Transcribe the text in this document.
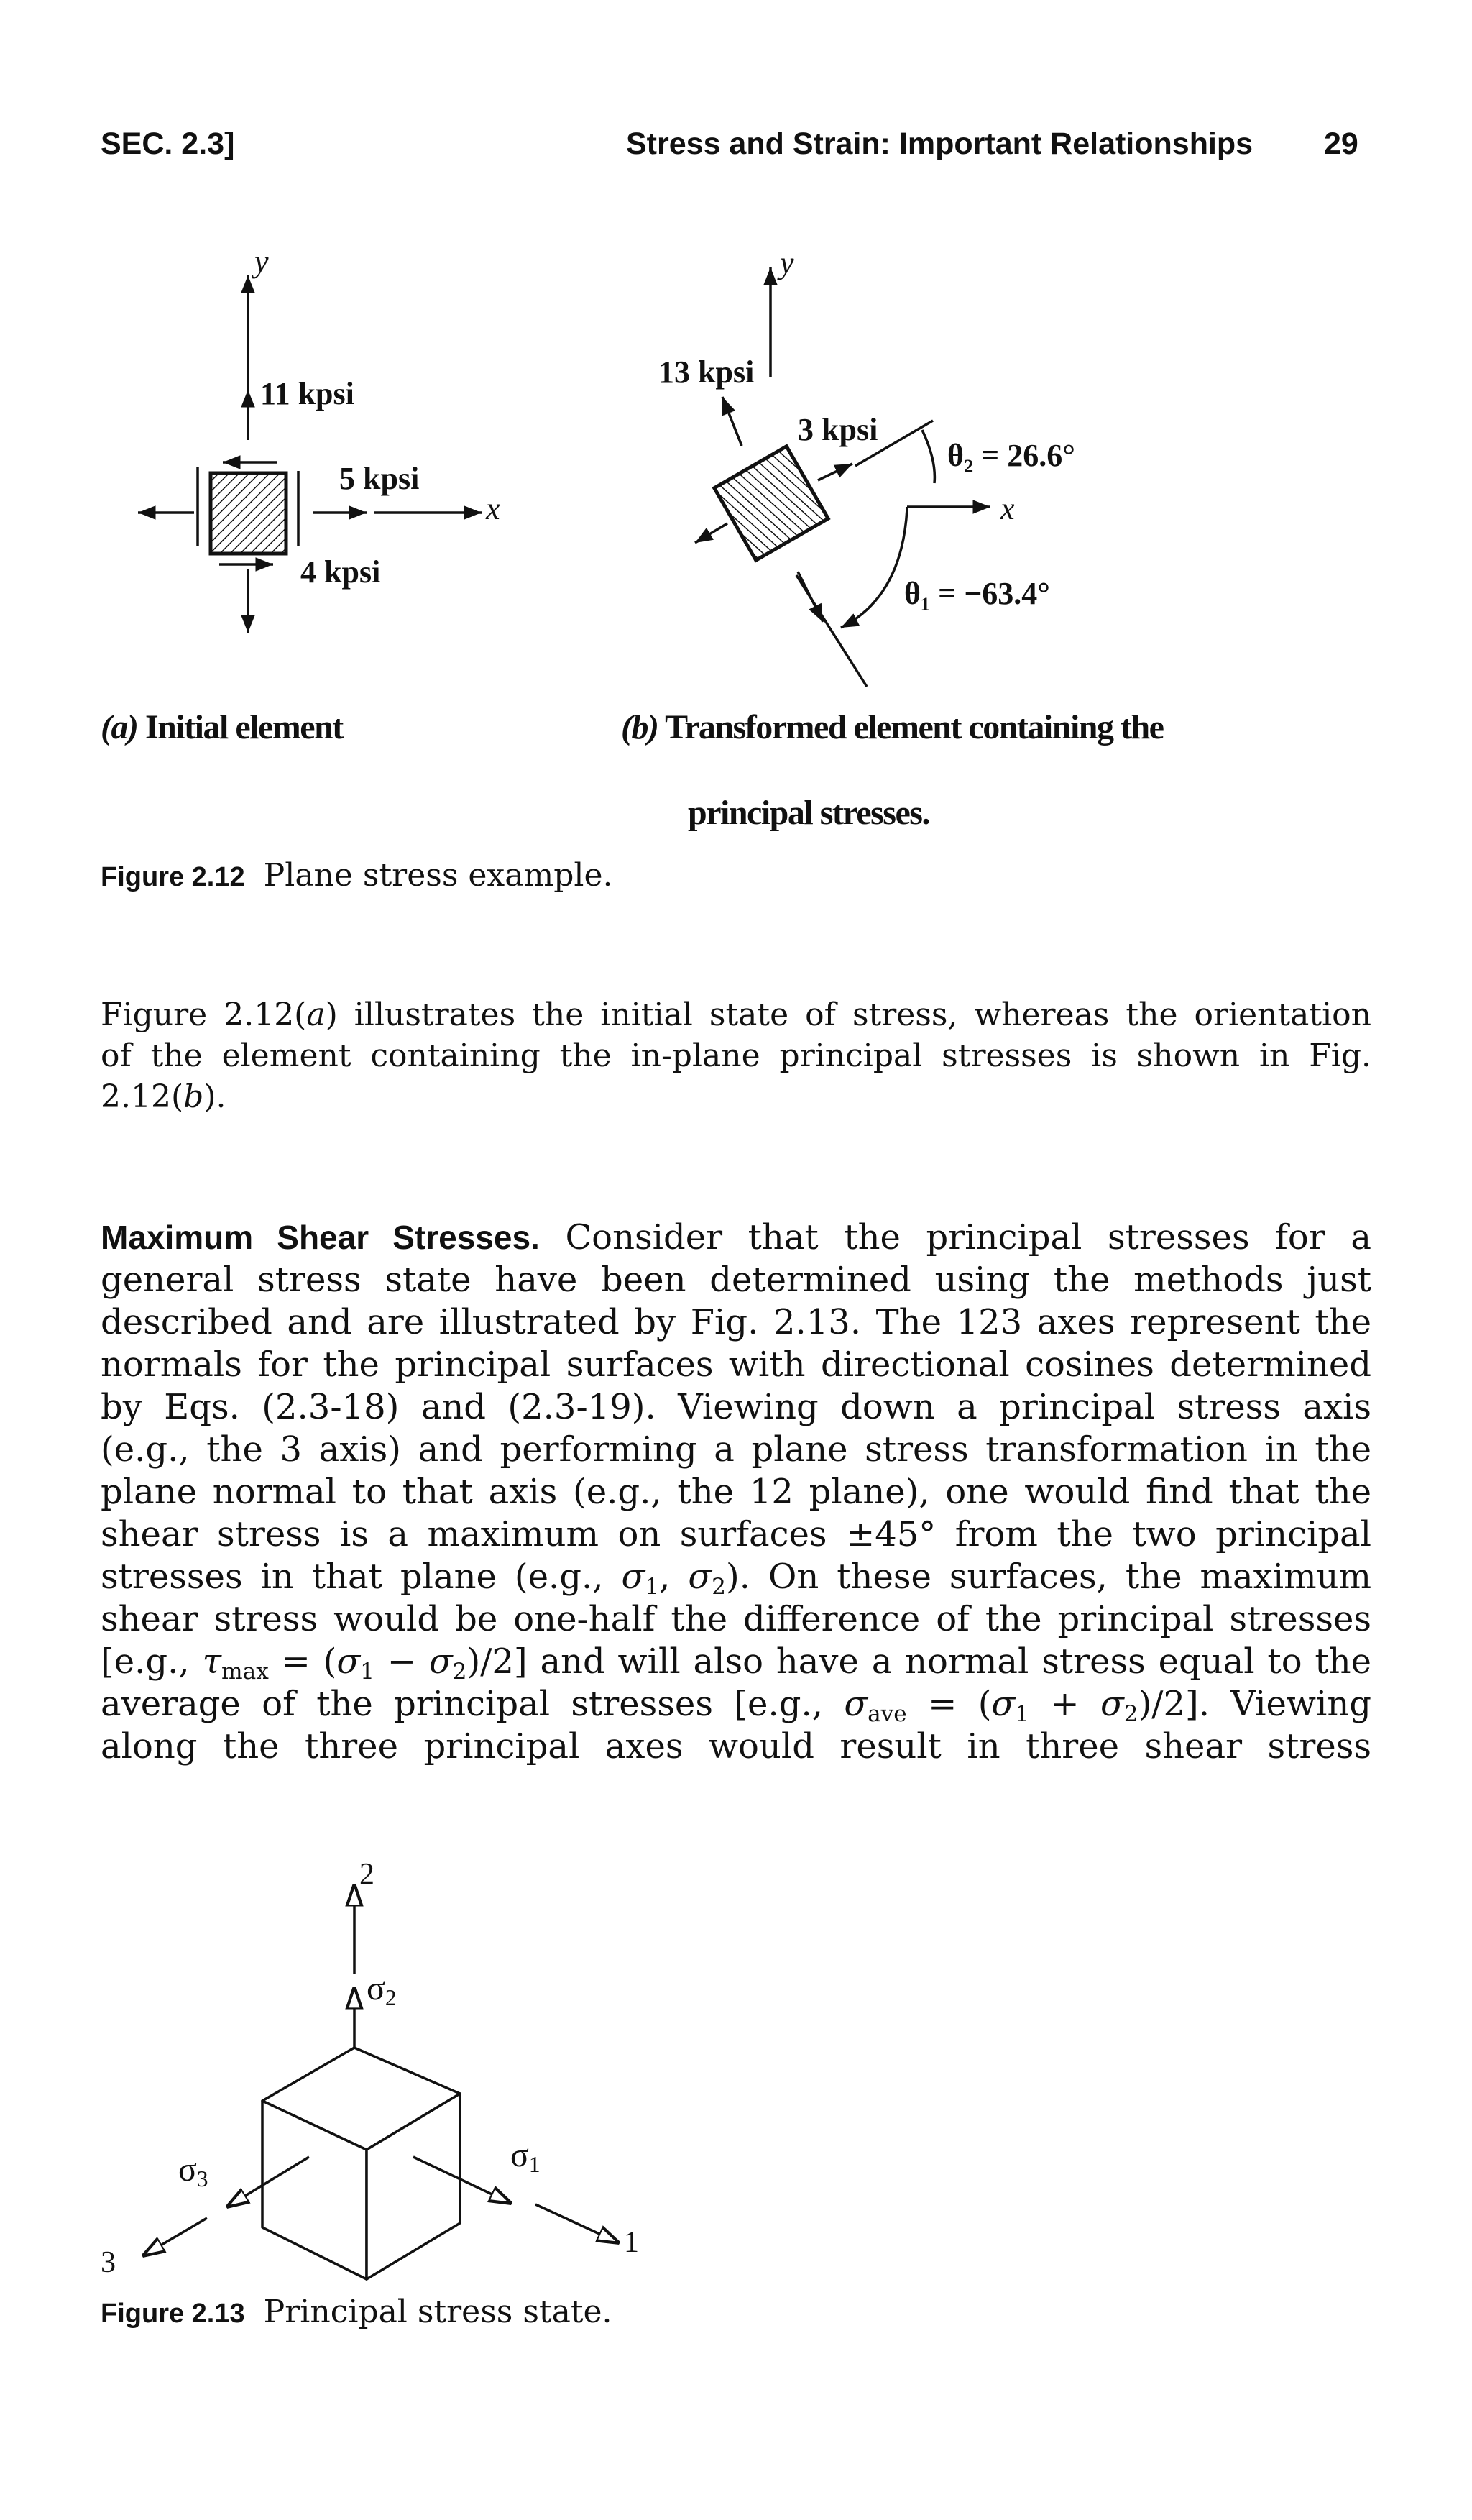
SEC. 2.3]	Stress and Strain: Important Relationships 29
y
11 kpsi
5 kpsi
x
4 kpsi
y
13 kpsi
3 kpsi
θ₂ = 26.6°
x
θ₁ = −63.4°
(a) Initial element	(b) Transformed element containing the
principal stresses.
Figure 2.12 Plane stress example.
Figure 2.12(a) illustrates the initial state of stress, whereas the orientation
of the element containing the in-plane principal stresses is shown in Fig.
2.12(b).
Maximum Shear Stresses. Consider that the principal stresses for a
general stress state have been determined using the methods just
described and are illustrated by Fig. 2.13. The 123 axes represent the
normals for the principal surfaces with directional cosines determined
by Eqs. (2.3-18) and (2.3-19). Viewing down a principal stress axis
(e.g., the 3 axis) and performing a plane stress transformation in the
plane normal to that axis (e.g., the 12 plane), one would find that the
shear stress is a maximum on surfaces ±45° from the two principal
stresses in that plane (e.g., $\sigma_1$, $\sigma_2$). On these surfaces, the maximum
shear stress would be one-half the difference of the principal stresses
[e.g., $\tau_{max} = (\sigma_1 - \sigma_2)/2$] and will also have a normal stress equal to the
average of the principal stresses [e.g., $\sigma_{ave} = (\sigma_1 + \sigma_2)/2$]. Viewing
along the three principal axes would result in three shear stress
2
$\sigma_2$
$\sigma_1$
$\sigma_3$
1
3
Figure 2.13 Principal stress state.
